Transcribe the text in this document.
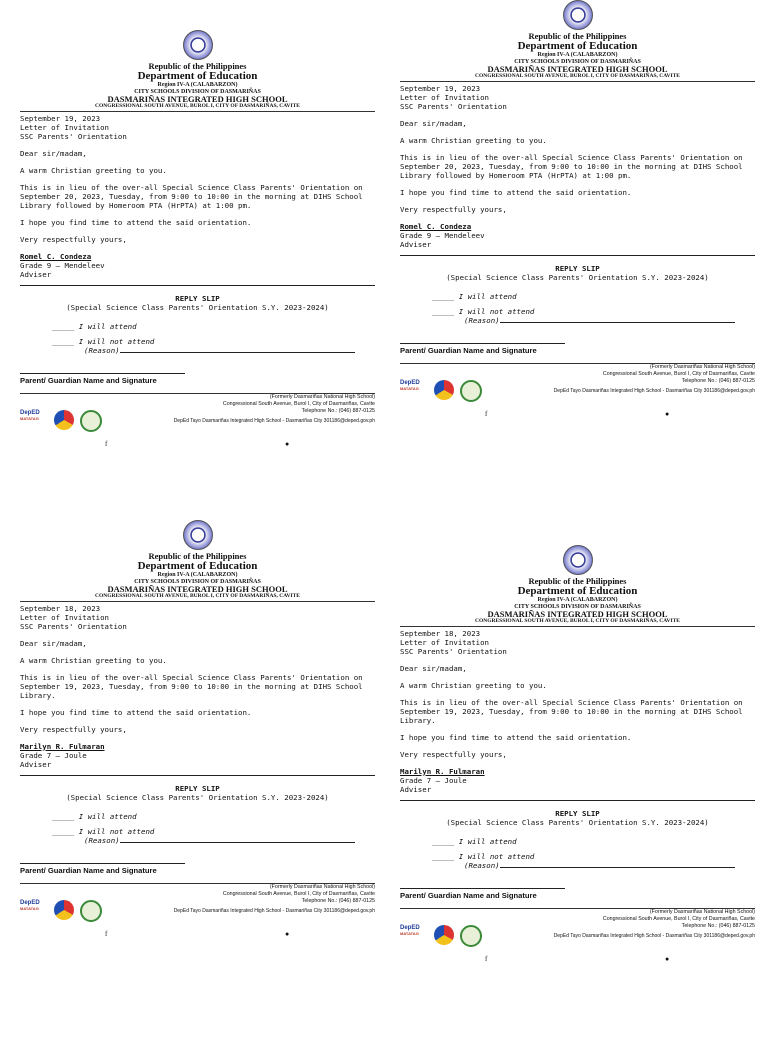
Republic of the Philippines
Department of Education
Region IV-A (CALABARZON)
CITY SCHOOLS DIVISION OF DASMARIÑAS
DASMARIÑAS INTEGRATED HIGH SCHOOL
CONGRESSIONAL SOUTH AVENUE, BUROL I, CITY OF DASMARIÑAS, CAVITE
September 19, 2023
Letter of Invitation
SSC Parents' Orientation

Dear sir/madam,

A warm Christian greeting to you.

This is in lieu of the over-all Special Science Class Parents' Orientation on September 20, 2023, Tuesday, from 9:00 to 10:00 in the morning at DIHS School Library followed by Homeroom PTA (HrPTA) at 1:00 pm.

I hope you find time to attend the said orientation.

Very respectfully yours,

Romel C. Condeza
Grade 9 – Mendeleev
Adviser
REPLY SLIP
(Special Science Class Parents' Orientation S.Y. 2023-2024)
_____ I will attend
_____ I will not attend
(Reason)
Parent/ Guardian Name and Signature
(Formerly Dasmariñas National High School)
Congressional South Avenue, Burol I, City of Dasmariñas, Cavite
Telephone No.: (046) 887-0125
DepED
MATATAG	DepEd Tayo Dasmariñas Integrated High School - Dasmariñas City 301186@deped.gov.ph
f	●
Republic of the Philippines
Department of Education
Region IV-A (CALABARZON)
CITY SCHOOLS DIVISION OF DASMARIÑAS
DASMARIÑAS INTEGRATED HIGH SCHOOL
CONGRESSIONAL SOUTH AVENUE, BUROL I, CITY OF DASMARIÑAS, CAVITE
September 19, 2023
Letter of Invitation
SSC Parents' Orientation

Dear sir/madam,

A warm Christian greeting to you.

This is in lieu of the over-all Special Science Class Parents' Orientation on September 20, 2023, Tuesday, from 9:00 to 10:00 in the morning at DIHS School Library followed by Homeroom PTA (HrPTA) at 1:00 pm.

I hope you find time to attend the said orientation.

Very respectfully yours,

Romel C. Condeza
Grade 9 – Mendeleev
Adviser
REPLY SLIP
(Special Science Class Parents' Orientation S.Y. 2023-2024)
_____ I will attend
_____ I will not attend
(Reason)
Parent/ Guardian Name and Signature
(Formerly Dasmariñas National High School)
Congressional South Avenue, Burol I, City of Dasmariñas, Cavite
Telephone No.: (046) 887-0125
DepED
MATATAG	DepEd Tayo Dasmariñas Integrated High School - Dasmariñas City 301186@deped.gov.ph
f	●
Republic of the Philippines
Department of Education
Region IV-A (CALABARZON)
CITY SCHOOLS DIVISION OF DASMARIÑAS
DASMARIÑAS INTEGRATED HIGH SCHOOL
CONGRESSIONAL SOUTH AVENUE, BUROL I, CITY OF DASMARIÑAS, CAVITE
September 18, 2023
Letter of Invitation
SSC Parents' Orientation

Dear sir/madam,

A warm Christian greeting to you.

This is in lieu of the over-all Special Science Class Parents' Orientation on September 19, 2023, Tuesday, from 9:00 to 10:00 in the morning at DIHS School Library.

I hope you find time to attend the said orientation.

Very respectfully yours,

Marilyn R. Fulmaran
Grade 7 – Joule
Adviser
REPLY SLIP
(Special Science Class Parents' Orientation S.Y. 2023-2024)
_____ I will attend
_____ I will not attend
(Reason)
Parent/ Guardian Name and Signature
(Formerly Dasmariñas National High School)
Congressional South Avenue, Burol I, City of Dasmariñas, Cavite
Telephone No.: (046) 887-0125
DepED
MATATAG	DepEd Tayo Dasmariñas Integrated High School - Dasmariñas City 301186@deped.gov.ph
f	●
Republic of the Philippines
Department of Education
Region IV-A (CALABARZON)
CITY SCHOOLS DIVISION OF DASMARIÑAS
DASMARIÑAS INTEGRATED HIGH SCHOOL
CONGRESSIONAL SOUTH AVENUE, BUROL I, CITY OF DASMARIÑAS, CAVITE
September 18, 2023
Letter of Invitation
SSC Parents' Orientation

Dear sir/madam,

A warm Christian greeting to you.

This is in lieu of the over-all Special Science Class Parents' Orientation on September 19, 2023, Tuesday, from 9:00 to 10:00 in the morning at DIHS School Library.

I hope you find time to attend the said orientation.

Very respectfully yours,

Marilyn R. Fulmaran
Grade 7 – Joule
Adviser
REPLY SLIP
(Special Science Class Parents' Orientation S.Y. 2023-2024)
_____ I will attend
_____ I will not attend
(Reason)
Parent/ Guardian Name and Signature
(Formerly Dasmariñas National High School)
Congressional South Avenue, Burol I, City of Dasmariñas, Cavite
Telephone No.: (046) 887-0125
DepED
MATATAG	DepEd Tayo Dasmariñas Integrated High School - Dasmariñas City 301186@deped.gov.ph
f	●
